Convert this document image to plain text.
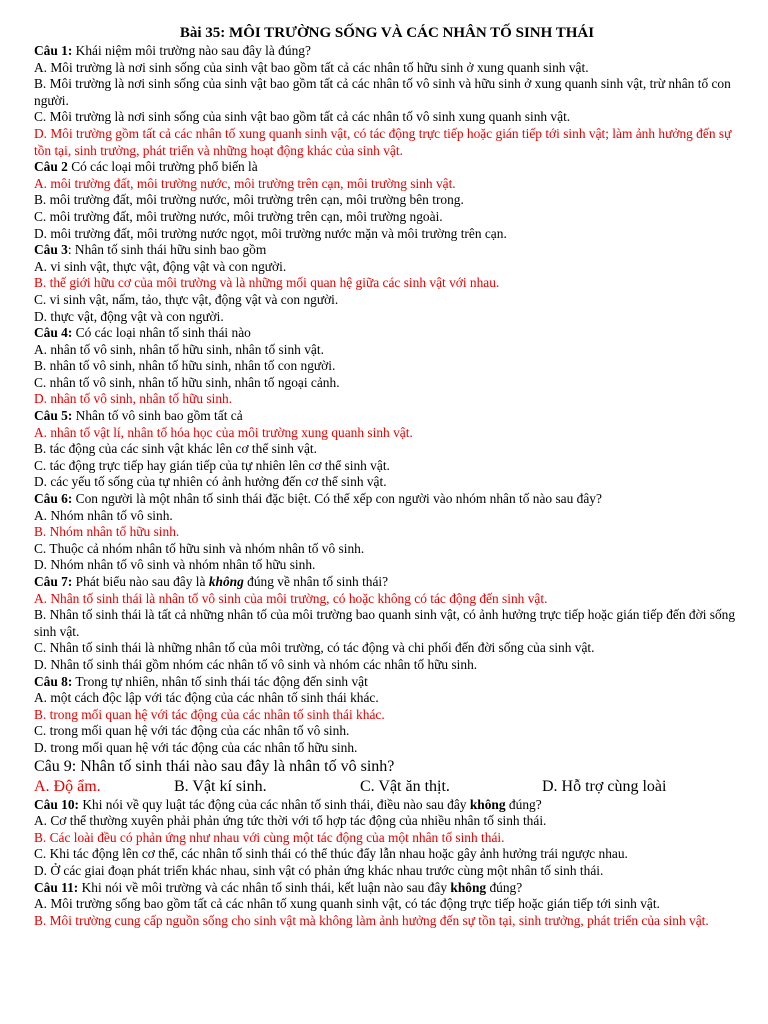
Bài 35: MÔI TRƯỜNG SỐNG VÀ CÁC NHÂN TỐ SINH THÁI

Câu 1: Khái niệm môi trường nào sau đây là đúng?

A. Môi trường là nơi sinh sống của sinh vật bao gồm tất cả các nhân tố hữu sinh ở xung quanh sinh vật.

B. Môi trường là nơi sinh sống của sinh vật bao gồm tất cả các nhân tố vô sinh và hữu sinh ở xung quanh sinh vật, trừ nhân tố con người.

C. Môi trường là nơi sinh sống của sinh vật bao gồm tất cả các nhân tố vô sinh xung quanh sinh vật.

D. Môi trường gồm tất cả các nhân tố xung quanh sinh vật, có tác động trực tiếp hoặc gián tiếp tới sinh vật; làm ảnh hưởng đến sự tồn tại, sinh trưởng, phát triển và những hoạt động khác của sinh vật.

Câu 2 Có các loại môi trường phổ biến là

A. môi trường đất, môi trường nước, môi trường trên cạn, môi trường sinh vật.

B. môi trường đất, môi trường nước, môi trường trên cạn, môi trường bên trong.

C. môi trường đất, môi trường nước, môi trường trên cạn, môi trường ngoài.

D. môi trường đất, môi trường nước ngọt, môi trường nước mặn và môi trường trên cạn.

Câu 3: Nhân tố sinh thái hữu sinh bao gồm

A. vi sinh vật, thực vật, động vật và con người.

B. thế giới hữu cơ của môi trường và là những mối quan hệ giữa các sinh vật với nhau.

C. vi sinh vật, nấm, tảo, thực vật, động vật và con người.

D. thực vật, động vật và con người.

Câu 4: Có các loại nhân tố sinh thái nào

A. nhân tố vô sinh, nhân tố hữu sinh, nhân tố sinh vật.

B. nhân tố vô sinh, nhân tố hữu sinh, nhân tố con người.

C. nhân tố vô sinh, nhân tố hữu sinh, nhân tố ngoại cảnh.

D. nhân tố vô sinh, nhân tố hữu sinh.

Câu 5: Nhân tố vô sinh bao gồm tất cả

A. nhân tố vật lí, nhân tố hóa học của môi trường xung quanh sinh vật.

B. tác động của các sinh vật khác lên cơ thể sinh vật.

C. tác động trực tiếp hay gián tiếp của tự nhiên lên cơ thể sinh vật.

D. các yếu tố sống của tự nhiên có ảnh hưởng đến cơ thể sinh vật.

Câu 6: Con người là một nhân tố sinh thái đặc biệt. Có thể xếp con người vào nhóm nhân tố nào sau đây?

A. Nhóm nhân tố vô sinh.

B. Nhóm nhân tố hữu sinh.

C. Thuộc cả nhóm nhân tố hữu sinh và nhóm nhân tố vô sinh.

D. Nhóm nhân tố vô sinh và nhóm nhân tố hữu sinh.

Câu 7: Phát biểu nào sau đây là không đúng về nhân tố sinh thái?

A. Nhân tố sinh thái là nhân tố vô sinh của môi trường, có hoặc không có tác động đến sinh vật.

B. Nhân tố sinh thái là tất cả những nhân tố của môi trường bao quanh sinh vật, có ảnh hưởng trực tiếp hoặc gián tiếp đến đời sống sinh vật.

C. Nhân tố sinh thái là những nhân tố của môi trường, có tác động và chi phối đến đời sống của sinh vật.

D. Nhân tố sinh thái gồm nhóm các nhân tố vô sinh và nhóm các nhân tố hữu sinh.

Câu 8: Trong tự nhiên, nhân tố sinh thái tác động đến sinh vật

A. một cách độc lập với tác động của các nhân tố sinh thái khác.

B. trong mối quan hệ với tác động của các nhân tố sinh thái khác.

C. trong mối quan hệ với tác động của các nhân tố vô sinh.

D. trong mối quan hệ với tác động của các nhân tố hữu sinh.

Câu 9: Nhân tố sinh thái nào sau đây là nhân tố vô sinh?

A. Độ ẩm.	B. Vật kí sinh.	C. Vật ăn thịt.	D. Hỗ trợ cùng loài

Câu 10: Khi nói về quy luật tác động của các nhân tố sinh thái, điều nào sau đây không đúng?

A. Cơ thể thường xuyên phải phản ứng tức thời với tổ hợp tác động của nhiều nhân tố sinh thái.

B. Các loài đều có phản ứng như nhau với cùng một tác động của một nhân tố sinh thái.

C. Khi tác động lên cơ thể, các nhân tố sinh thái có thể thúc đẩy lẫn nhau hoặc gây ảnh hưởng trái ngược nhau.

D. Ở các giai đoạn phát triển khác nhau, sinh vật có phản ứng khác nhau trước cùng một nhân tố sinh thái.

Câu 11: Khi nói về môi trường và các nhân tố sinh thái, kết luận nào sau đây không đúng?

A. Môi trường sống bao gồm tất cả các nhân tố xung quanh sinh vật, có tác động trực tiếp hoặc gián tiếp tới sinh vật.

B. Môi trường cung cấp nguồn sống cho sinh vật mà không làm ảnh hưởng đến sự tồn tại, sinh trưởng, phát triển của sinh vật.
